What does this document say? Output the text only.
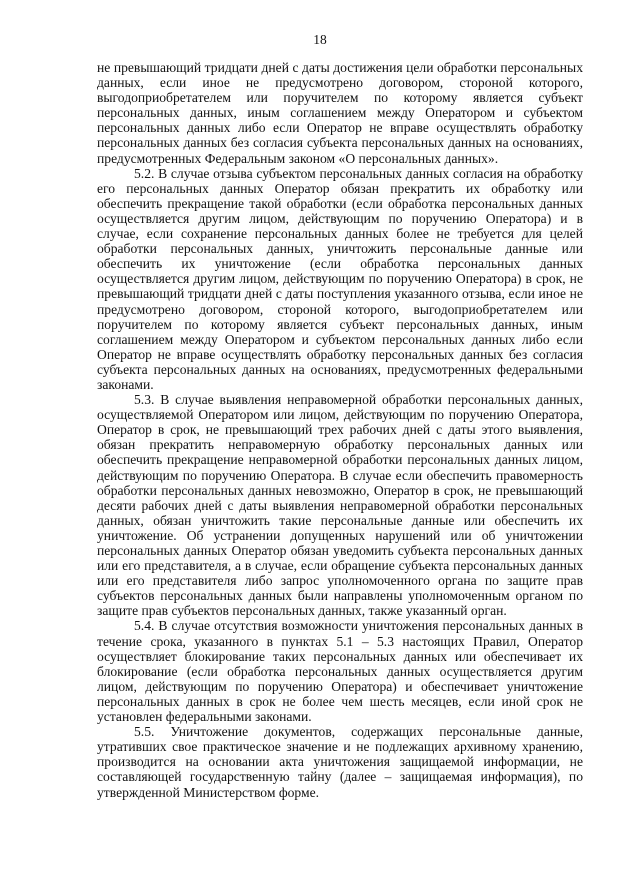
18

не превышающий тридцати дней с даты достижения цели обработки персональных данных, если иное не предусмотрено договором, стороной которого, выгодоприобретателем или поручителем по которому является субъект персональных данных, иным соглашением между Оператором и субъектом персональных данных либо если Оператор не вправе осуществлять обработку персональных данных без согласия субъекта персональных данных на основаниях, предусмотренных Федеральным законом «О персональных данных».

5.2. В случае отзыва субъектом персональных данных согласия на обработку его персональных данных Оператор обязан прекратить их обработку или обеспечить прекращение такой обработки (если обработка персональных данных осуществляется другим лицом, действующим по поручению Оператора) и в случае, если сохранение персональных данных более не требуется для целей обработки персональных данных, уничтожить персональные данные или обеспечить их уничтожение (если обработка персональных данных осуществляется другим лицом, действующим по поручению Оператора) в срок, не превышающий тридцати дней с даты поступления указанного отзыва, если иное не предусмотрено договором, стороной которого, выгодоприобретателем или поручителем по которому является субъект персональных данных, иным соглашением между Оператором и субъектом персональных данных либо если Оператор не вправе осуществлять обработку персональных данных без согласия субъекта персональных данных на основаниях, предусмотренных федеральными законами.

5.3. В случае выявления неправомерной обработки персональных данных, осуществляемой Оператором или лицом, действующим по поручению Оператора, Оператор в срок, не превышающий трех рабочих дней с даты этого выявления, обязан прекратить неправомерную обработку персональных данных или обеспечить прекращение неправомерной обработки персональных данных лицом, действующим по поручению Оператора. В случае если обеспечить правомерность обработки персональных данных невозможно, Оператор в срок, не превышающий десяти рабочих дней с даты выявления неправомерной обработки персональных данных, обязан уничтожить такие персональные данные или обеспечить их уничтожение. Об устранении допущенных нарушений или об уничтожении персональных данных Оператор обязан уведомить субъекта персональных данных или его представителя, а в случае, если обращение субъекта персональных данных или его представителя либо запрос уполномоченного органа по защите прав субъектов персональных данных были направлены уполномоченным органом по защите прав субъектов персональных данных, также указанный орган.

5.4. В случае отсутствия возможности уничтожения персональных данных в течение срока, указанного в пунктах 5.1 – 5.3 настоящих Правил, Оператор осуществляет блокирование таких персональных данных или обеспечивает их блокирование (если обработка персональных данных осуществляется другим лицом, действующим по поручению Оператора) и обеспечивает уничтожение персональных данных в срок не более чем шесть месяцев, если иной срок не установлен федеральными законами.

5.5. Уничтожение документов, содержащих персональные данные, утративших свое практическое значение и не подлежащих архивному хранению, производится на основании акта уничтожения защищаемой информации, не составляющей государственную тайну (далее – защищаемая информация), по утвержденной Министерством форме.
